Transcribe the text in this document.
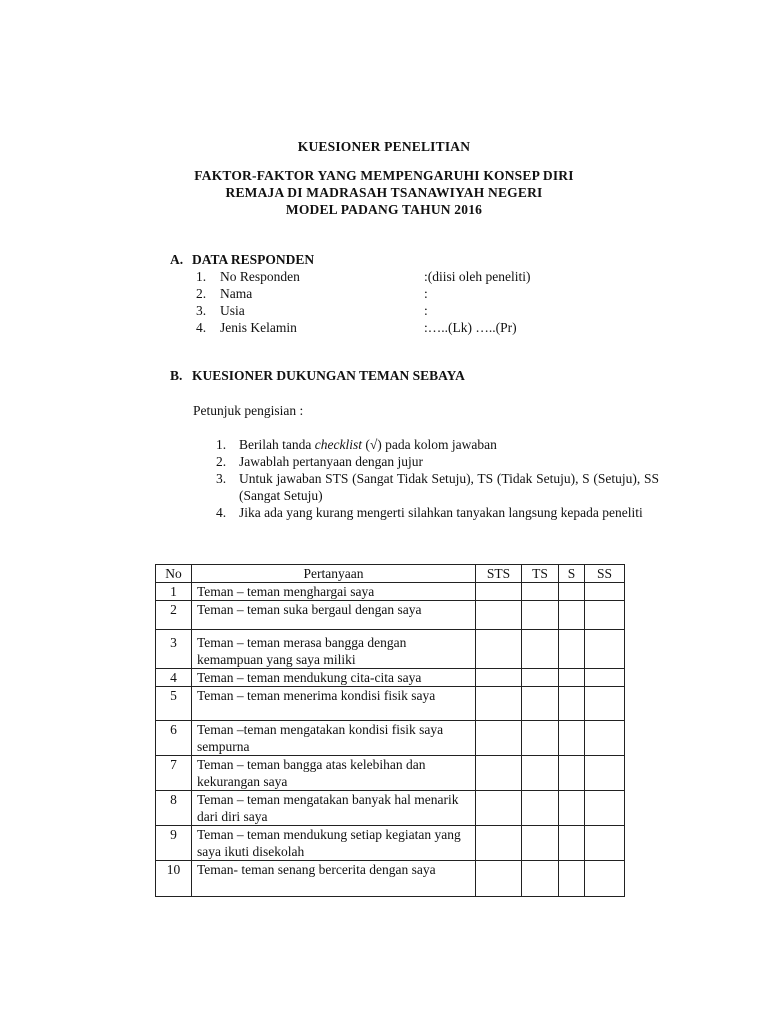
KUESIONER PENELITIAN
FAKTOR-FAKTOR YANG MEMPENGARUHI KONSEP DIRI
REMAJA DI MADRASAH TSANAWIYAH NEGERI
MODEL PADANG TAHUN 2016
A. DATA RESPONDEN
1. No Responden	:(diisi oleh peneliti)
2. Nama	:
3. Usia	:
4. Jenis Kelamin	:…..(Lk) …..(Pr)
B. KUESIONER DUKUNGAN TEMAN SEBAYA
Petunjuk pengisian :
1. Berilah tanda checklist (√) pada kolom jawaban
2. Jawablah pertanyaan dengan jujur
3. Untuk jawaban STS (Sangat Tidak Setuju), TS (Tidak Setuju), S (Setuju), SS (Sangat Setuju)
4. Jika ada yang kurang mengerti silahkan tanyakan langsung kepada peneliti
No	Pertanyaan	STS	TS	S	SS
1	Teman – teman menghargai saya				
2	Teman – teman suka bergaul dengan saya				
3	Teman – teman merasa bangga dengan kemampuan yang saya miliki				
4	Teman – teman mendukung cita-cita saya				
5	Teman – teman menerima kondisi fisik saya				
6	Teman –teman mengatakan kondisi fisik saya sempurna				
7	Teman – teman bangga atas kelebihan dan kekurangan saya				
8	Teman – teman mengatakan banyak hal menarik dari diri saya				
9	Teman – teman mendukung setiap kegiatan yang saya ikuti disekolah				
10	Teman- teman senang bercerita dengan saya				
